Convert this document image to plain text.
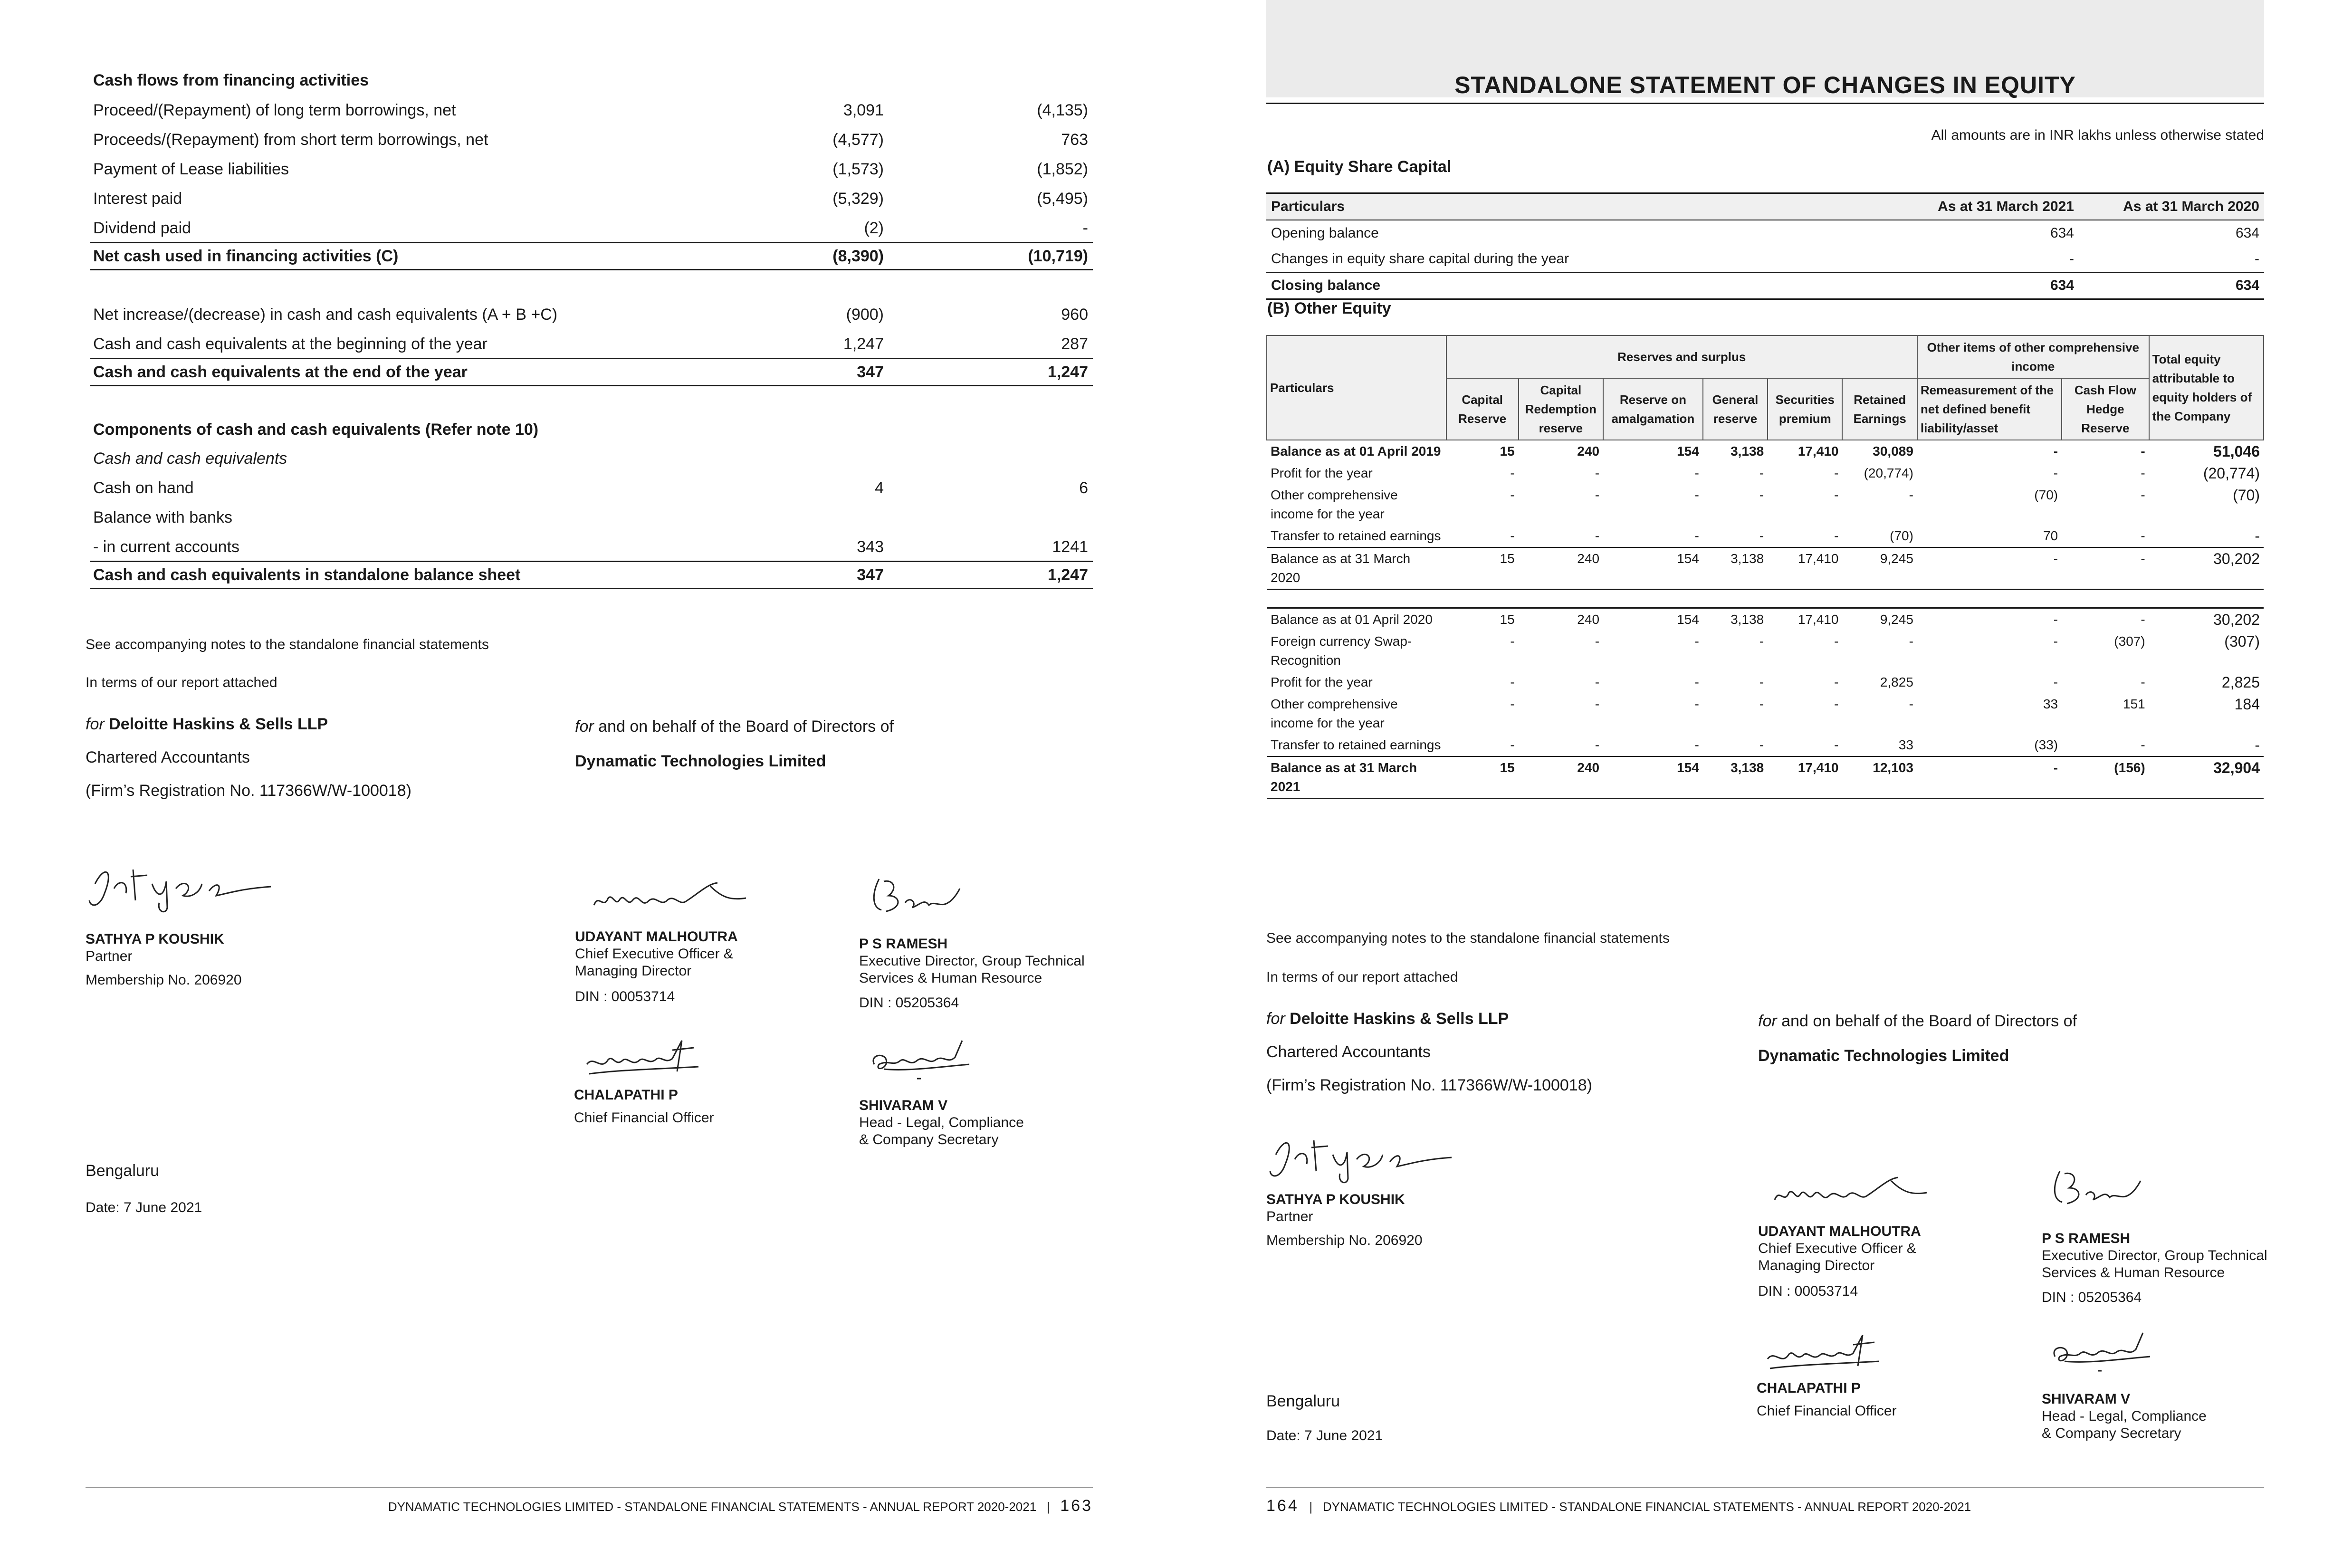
Cash flows from financing activities
Proceed/(Repayment) of long term borrowings, net	3,091	(4,135)
Proceeds/(Repayment) from short term borrowings, net	(4,577)	763
Payment of Lease liabilities	(1,573)	(1,852)
Interest paid	(5,329)	(5,495)
Dividend paid	(2)	-
Net cash used in financing activities (C)	(8,390)	(10,719)
Net increase/(decrease) in cash and cash equivalents (A + B +C)	(900)	960
Cash and cash equivalents at the beginning of the year	1,247	287
Cash and cash equivalents at the end of the year	347	1,247
Components of cash and cash equivalents (Refer note 10)
Cash and cash equivalents
Cash on hand	4	6
Balance with banks
- in current accounts	343	1241
Cash and cash equivalents in standalone balance sheet	347	1,247
See accompanying notes to the standalone financial statements
In terms of our report attached
for Deloitte Haskins & Sells LLP
Chartered Accountants
(Firm’s Registration No. 117366W/W-100018)
for and on behalf of the Board of Directors of
Dynamatic Technologies Limited
SATHYA P KOUSHIK
Partner
Membership No. 206920
UDAYANT MALHOUTRA
Chief Executive Officer &
Managing Director
DIN : 00053714
P S RAMESH
Executive Director, Group Technical
Services & Human Resource
DIN : 05205364
CHALAPATHI P
Chief Financial Officer
SHIVARAM V
Head - Legal, Compliance
& Company Secretary
Bengaluru
Date: 7 June 2021
DYNAMATIC TECHNOLOGIES LIMITED - STANDALONE FINANCIAL STATEMENTS - ANNUAL REPORT 2020-2021 | 163
STANDALONE STATEMENT OF CHANGES IN EQUITY
All amounts are in INR lakhs unless otherwise stated
(A) Equity Share Capital
Particulars	As at 31 March 2021	As at 31 March 2020
Opening balance	634	634
Changes in equity share capital during the year	-	-
Closing balance	634	634
(B) Other Equity
Particulars	Reserves and surplus						Other items of other comprehensive income		Total equity attributable to equity holders of the Company
	Capital Reserve	Capital Redemption reserve	Reserve on amalgamation	General reserve	Securities premium	Retained Earnings	Remeasurement of the net defined benefit liability/asset	Cash Flow Hedge Reserve	
Balance as at 01 April 2019	15	240	154	3,138	17,410	30,089	-	-	51,046
Profit for the year	-	-	-	-	-	(20,774)	-	-	(20,774)
Other comprehensive income for the year	-	-	-	-	-	-	(70)	-	(70)
Transfer to retained earnings	-	-	-	-	-	(70)	70	-	-
Balance as at 31 March 2020	15	240	154	3,138	17,410	9,245	-	-	30,202

Balance as at 01 April 2020	15	240	154	3,138	17,410	9,245	-	-	30,202
Foreign currency Swap- Recognition	-	-	-	-	-	-	-	(307)	(307)
Profit for the year	-	-	-	-	-	2,825	-	-	2,825
Other comprehensive income for the year	-	-	-	-	-	-	33	151	184
Transfer to retained earnings	-	-	-	-	-	33	(33)	-	-
Balance as at 31 March 2021	15	240	154	3,138	17,410	12,103	-	(156)	32,904
See accompanying notes to the standalone financial statements
In terms of our report attached
for Deloitte Haskins & Sells LLP
Chartered Accountants
(Firm’s Registration No. 117366W/W-100018)
for and on behalf of the Board of Directors of
Dynamatic Technologies Limited
SATHYA P KOUSHIK
Partner
Membership No. 206920
UDAYANT MALHOUTRA
Chief Executive Officer &
Managing Director
DIN : 00053714
P S RAMESH
Executive Director, Group Technical
Services & Human Resource
DIN : 05205364
CHALAPATHI P
Chief Financial Officer
SHIVARAM V
Head - Legal, Compliance
& Company Secretary
Bengaluru
Date: 7 June 2021
164 | DYNAMATIC TECHNOLOGIES LIMITED - STANDALONE FINANCIAL STATEMENTS - ANNUAL REPORT 2020-2021
